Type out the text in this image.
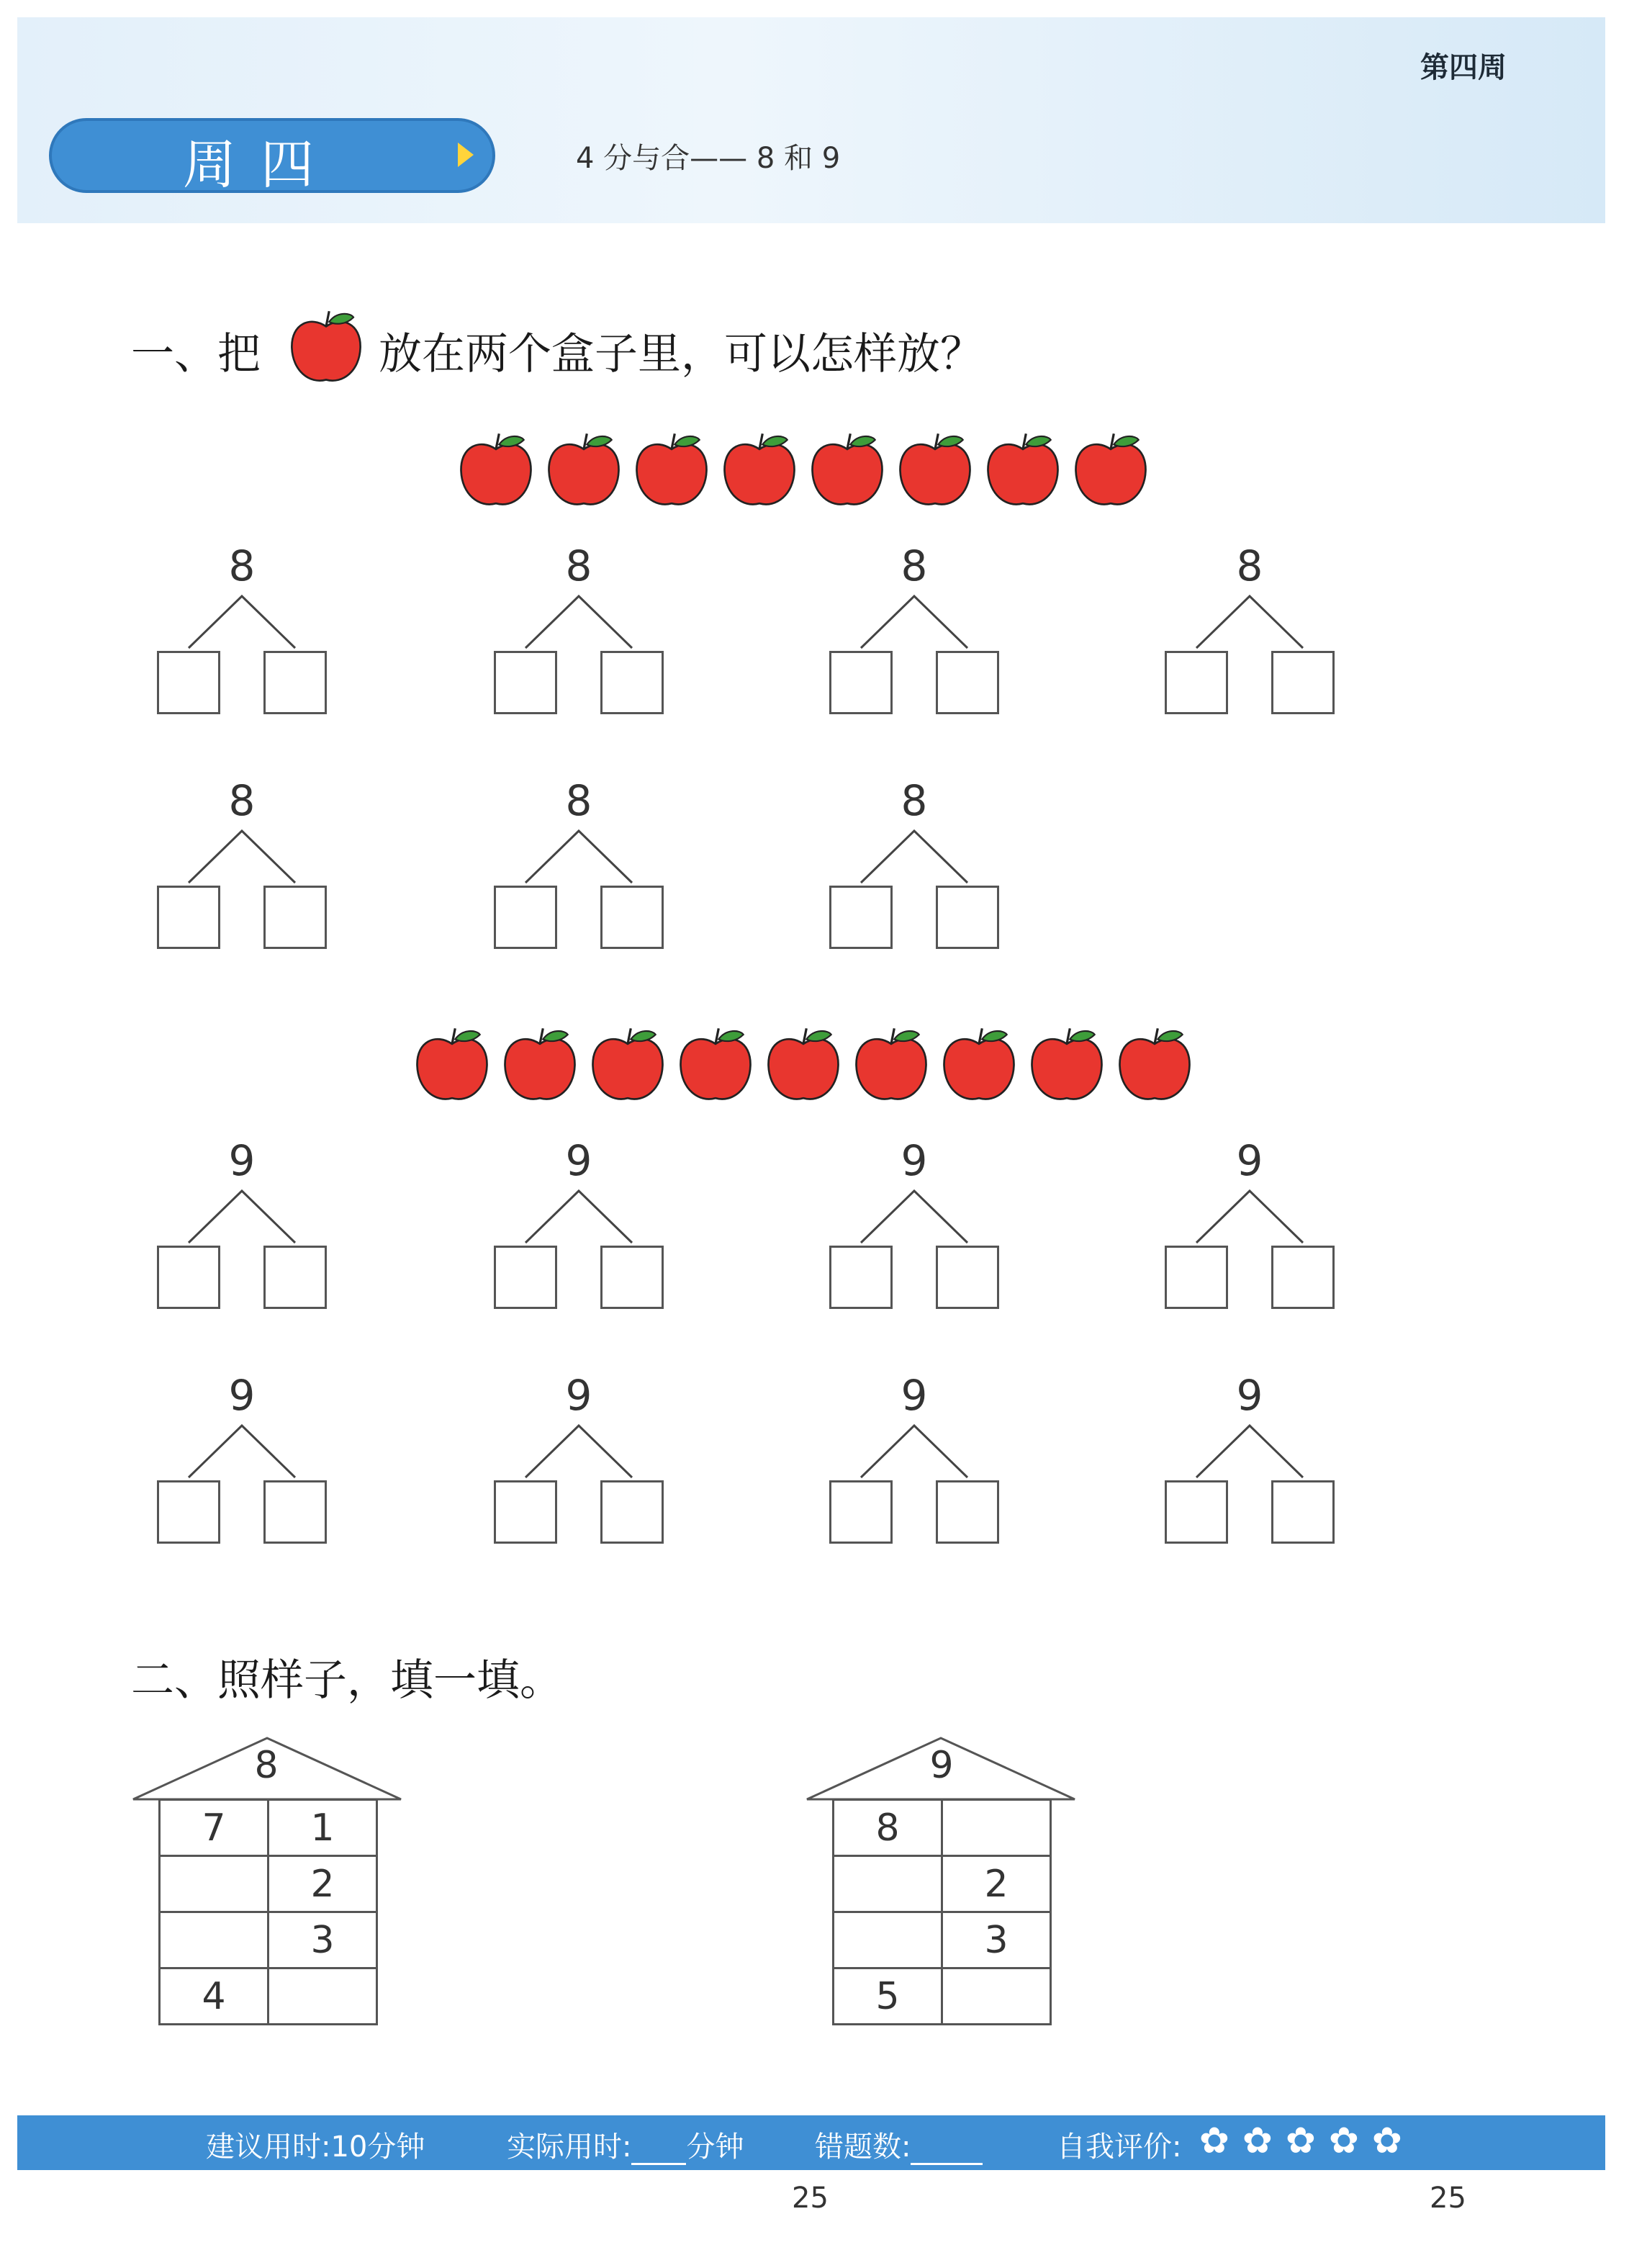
第四周
周四	4 分与合—— 8 和 9
一、把	放在两个盒子里，可以怎样放？
8	8	8	8
8	8	8
9	9	9	9
9	9	9	9
二、照样子，填一填。
8
7	1
	2
	3
4	
9
8	
	2
	3
5	
建议用时:10分钟	实际用时: 分钟 错题数:	自我评价: ✿ ✿ ✿ ✿ ✿
25	25
